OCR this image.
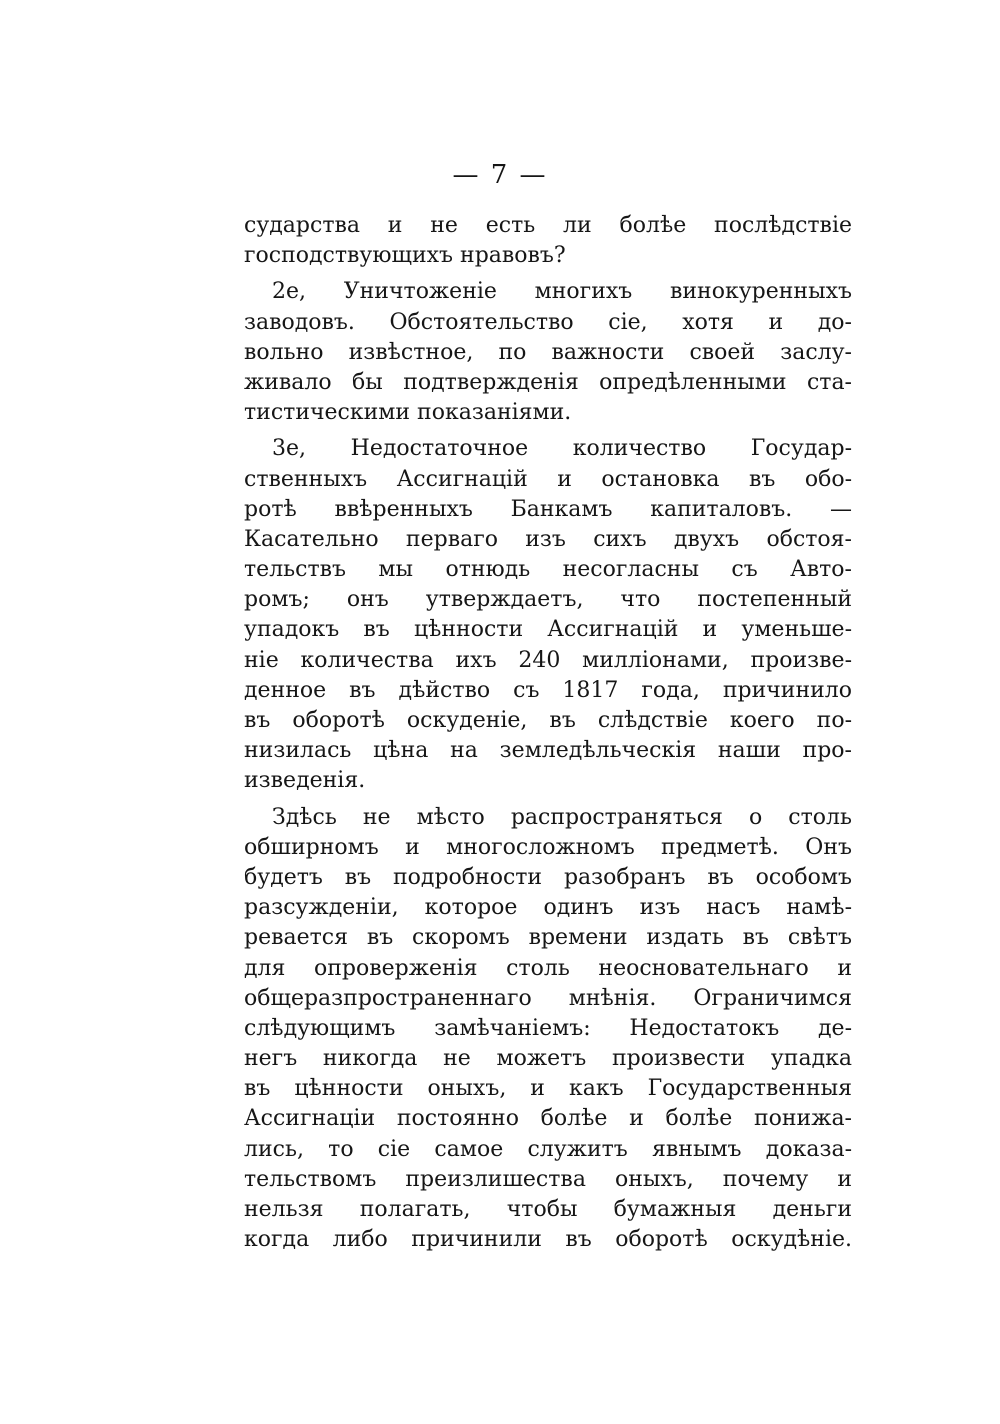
— 7 —
сударства и не есть ли болѣе послѣдствіе
господствующихъ нравовъ?
2е, Уничтоженіе многихъ винокуренныхъ
заводовъ. Обстоятельство сіе, хотя и до-
вольно извѣстное, по важности своей заслу-
живало бы подтвержденія опредѣленными ста-
тистическими показаніями.
3е, Недостаточное количество Государ-
ственныхъ Ассигнацій и остановка въ обо-
ротѣ ввѣренныхъ Банкамъ капиталовъ. —
Касательно перваго изъ сихъ двухъ обстоя-
тельствъ мы отнюдь несогласны съ Авто-
ромъ; онъ утверждаетъ, что постепенный
упадокъ въ цѣнности Ассигнацій и уменьше-
ніе количества ихъ 240 милліонами, произве-
денное въ дѣйство съ 1817 года, причинило
въ оборотѣ оскуденіе, въ слѣдствіе коего по-
низилась цѣна на земледѣльческія наши про-
изведенія.
Здѣсь не мѣсто распространяться о столь
обширномъ и многосложномъ предметѣ. Онъ
будетъ въ подробности разобранъ въ особомъ
разсужденіи, которое одинъ изъ насъ намѣ-
ревается въ скоромъ времени издать въ свѣтъ
для опроверженія столь неосновательнаго и
общеразпространеннаго мнѣнія. Ограничимся
слѣдующимъ замѣчаніемъ: Недостатокъ де-
негъ никогда не можетъ произвести упадка
въ цѣнности оныхъ, и какъ Государственныя
Ассигнаціи постоянно болѣе и болѣе понижа-
лись, то сіе самое служитъ явнымъ доказа-
тельствомъ преизлишества оныхъ, почему и
нельзя полагать, чтобы бумажныя деньги
когда либо причинили въ оборотѣ оскудѣніе.
